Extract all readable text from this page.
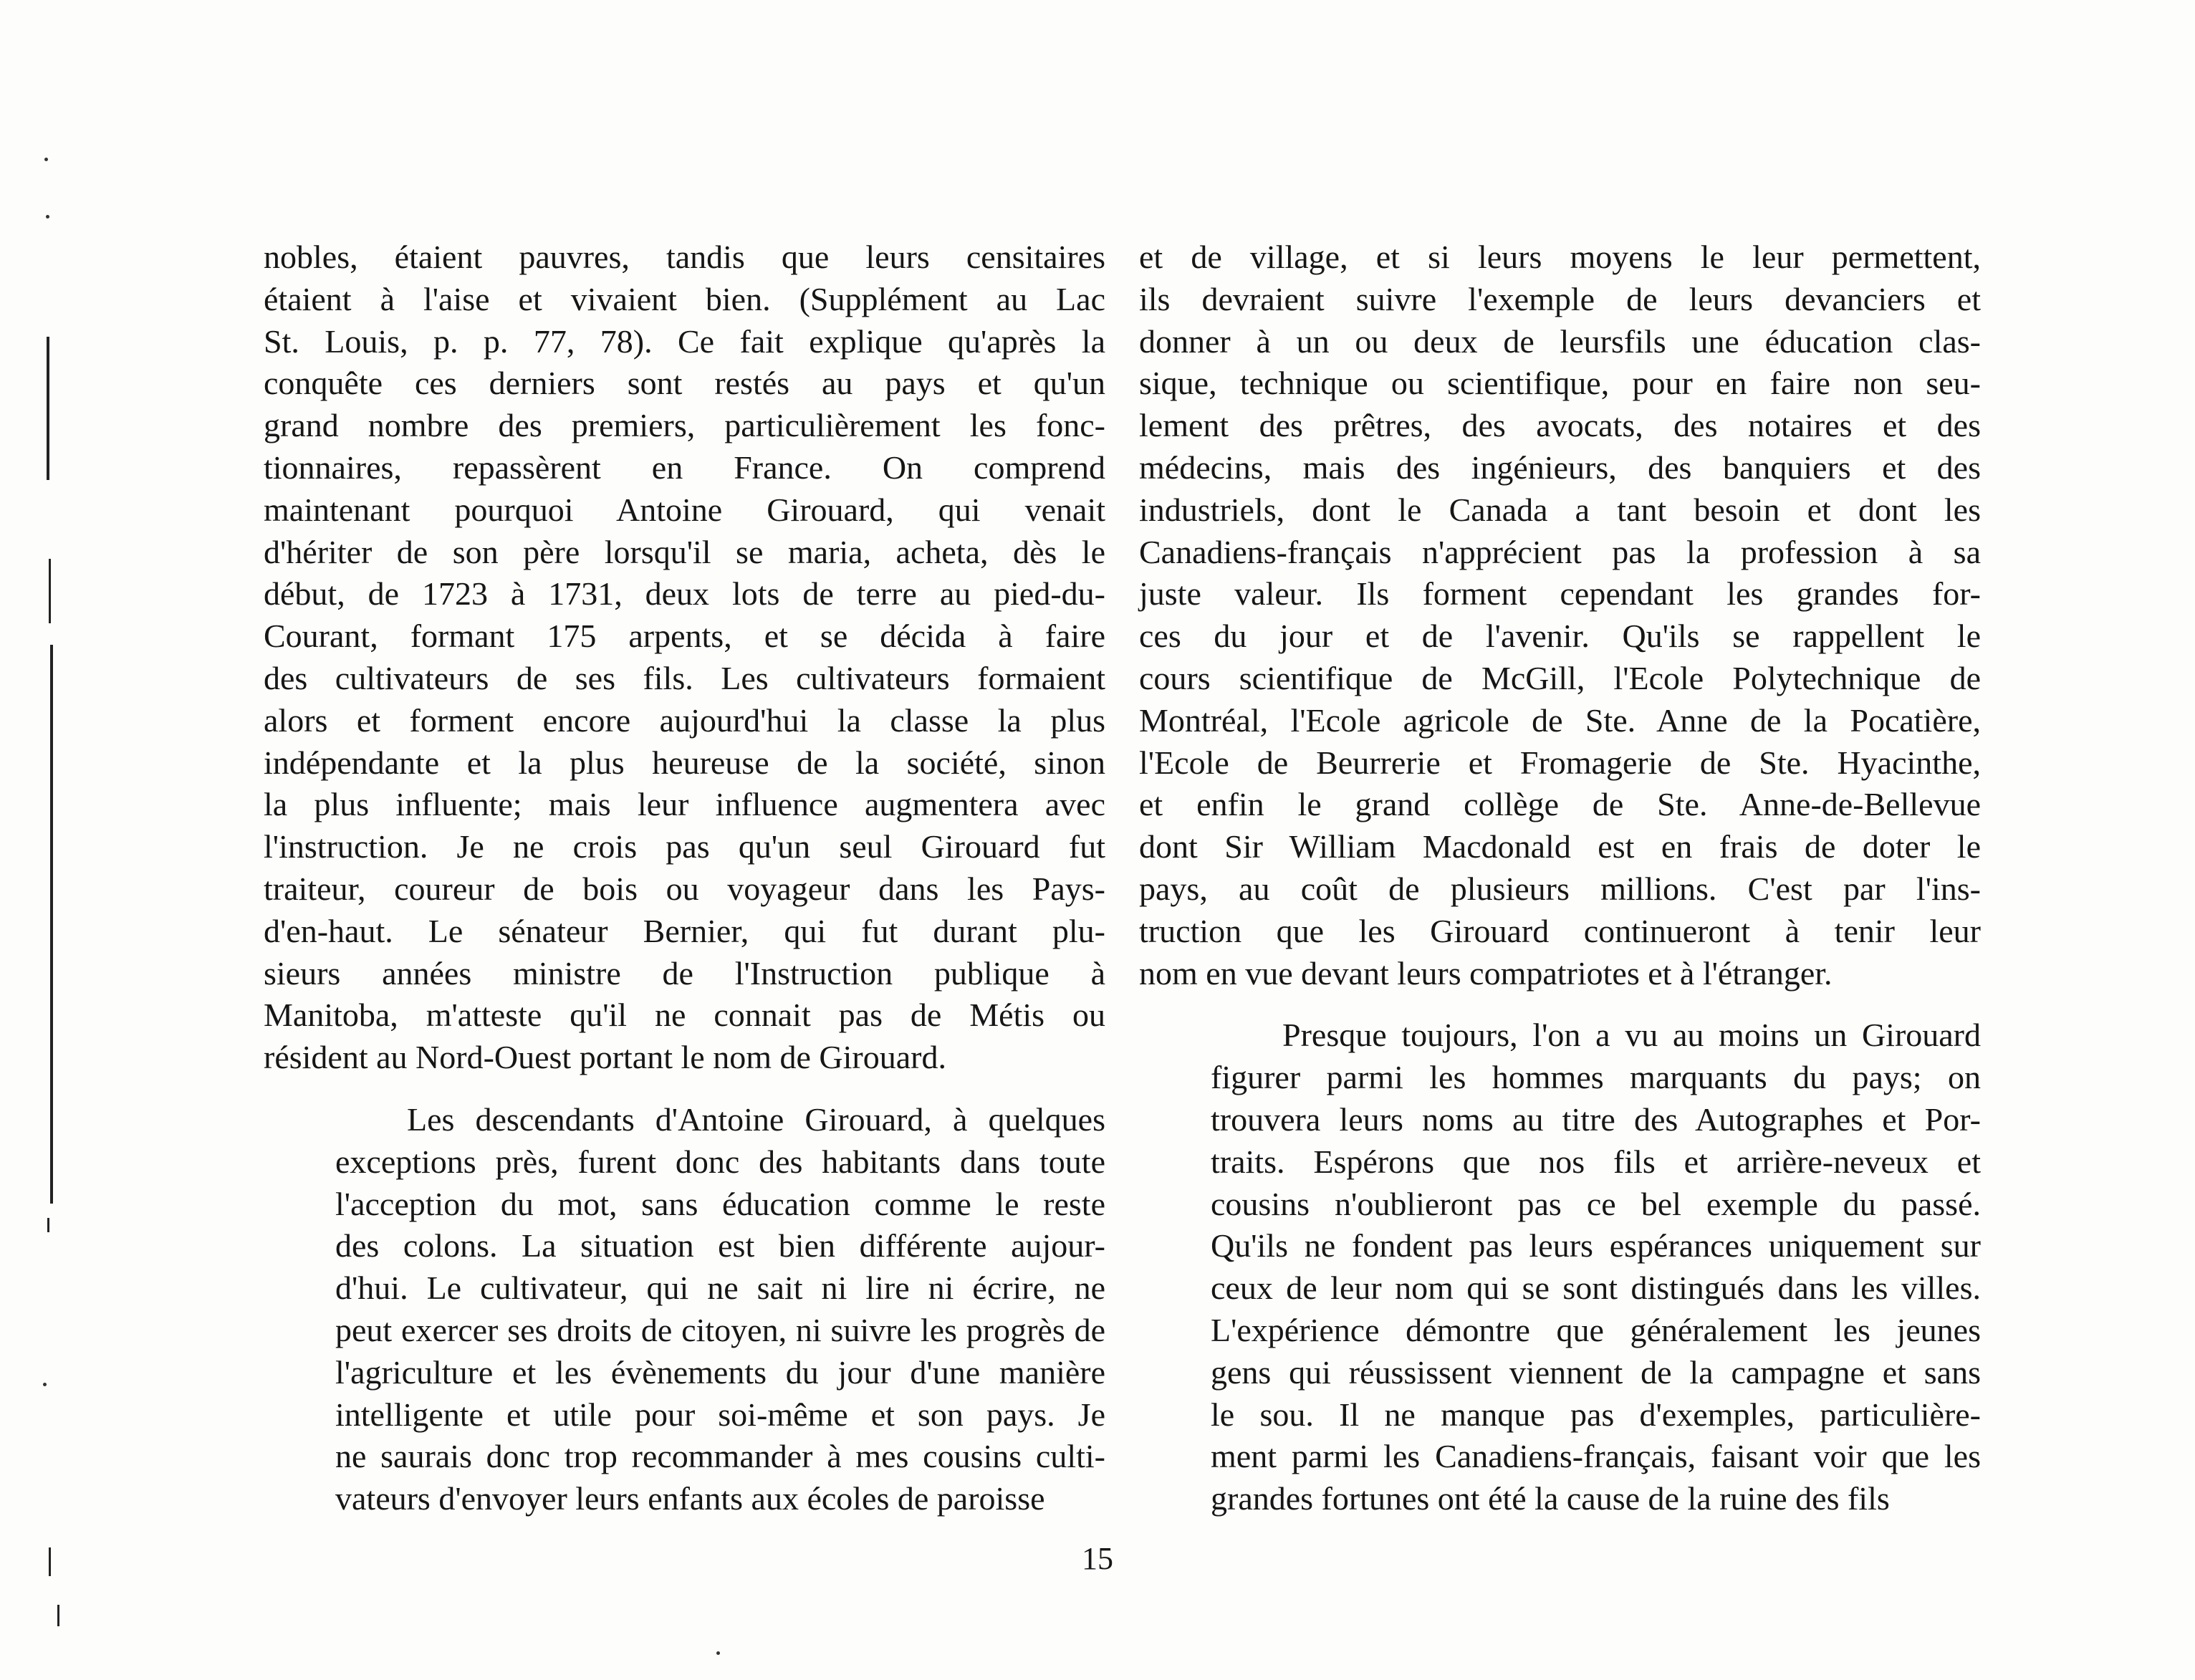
nobles, étaient pauvres, tandis que leurs censitaires
étaient à l'aise et vivaient bien. (Supplément au Lac
St. Louis, p. p. 77, 78). Ce fait explique qu'après la
conquête ces derniers sont restés au pays et qu'un
grand nombre des premiers, particulièrement les fonc-
tionnaires, repassèrent en France. On comprend
maintenant pourquoi Antoine Girouard, qui venait
d'hériter de son père lorsqu'il se maria, acheta, dès le
début, de 1723 à 1731, deux lots de terre au pied-du-
Courant, formant 175 arpents, et se décida à faire
des cultivateurs de ses fils. Les cultivateurs formaient
alors et forment encore aujourd'hui la classe la plus
indépendante et la plus heureuse de la société, sinon
la plus influente; mais leur influence augmentera avec
l'instruction. Je ne crois pas qu'un seul Girouard fut
traiteur, coureur de bois ou voyageur dans les Pays-
d'en-haut. Le sénateur Bernier, qui fut durant plu-
sieurs années ministre de l'Instruction publique à
Manitoba, m'atteste qu'il ne connait pas de Métis ou
résident au Nord-Ouest portant le nom de Girouard.
Les descendants d'Antoine Girouard, à quelques
exceptions près, furent donc des habitants dans toute
l'acception du mot, sans éducation comme le reste
des colons. La situation est bien différente aujour-
d'hui. Le cultivateur, qui ne sait ni lire ni écrire, ne
peut exercer ses droits de citoyen, ni suivre les progrès de
l'agriculture et les évènements du jour d'une manière
intelligente et utile pour soi-même et son pays. Je
ne saurais donc trop recommander à mes cousins culti-
vateurs d'envoyer leurs enfants aux écoles de paroisse
et de village, et si leurs moyens le leur permettent,
ils devraient suivre l'exemple de leurs devanciers et
donner à un ou deux de leursfils une éducation clas-
sique, technique ou scientifique, pour en faire non seu-
lement des prêtres, des avocats, des notaires et des
médecins, mais des ingénieurs, des banquiers et des
industriels, dont le Canada a tant besoin et dont les
Canadiens-français n'apprécient pas la profession à sa
juste valeur. Ils forment cependant les grandes for-
ces du jour et de l'avenir. Qu'ils se rappellent le
cours scientifique de McGill, l'Ecole Polytechnique de
Montréal, l'Ecole agricole de Ste. Anne de la Pocatière,
l'Ecole de Beurrerie et Fromagerie de Ste. Hyacinthe,
et enfin le grand collège de Ste. Anne-de-Bellevue
dont Sir William Macdonald est en frais de doter le
pays, au coût de plusieurs millions. C'est par l'ins-
truction que les Girouard continueront à tenir leur
nom en vue devant leurs compatriotes et à l'étranger.
Presque toujours, l'on a vu au moins un Girouard
figurer parmi les hommes marquants du pays; on
trouvera leurs noms au titre des Autographes et Por-
traits. Espérons que nos fils et arrière-neveux et
cousins n'oublieront pas ce bel exemple du passé.
Qu'ils ne fondent pas leurs espérances uniquement sur
ceux de leur nom qui se sont distingués dans les villes.
L'expérience démontre que généralement les jeunes
gens qui réussissent viennent de la campagne et sans
le sou. Il ne manque pas d'exemples, particulière-
ment parmi les Canadiens-français, faisant voir que les
grandes fortunes ont été la cause de la ruine des fils
15
